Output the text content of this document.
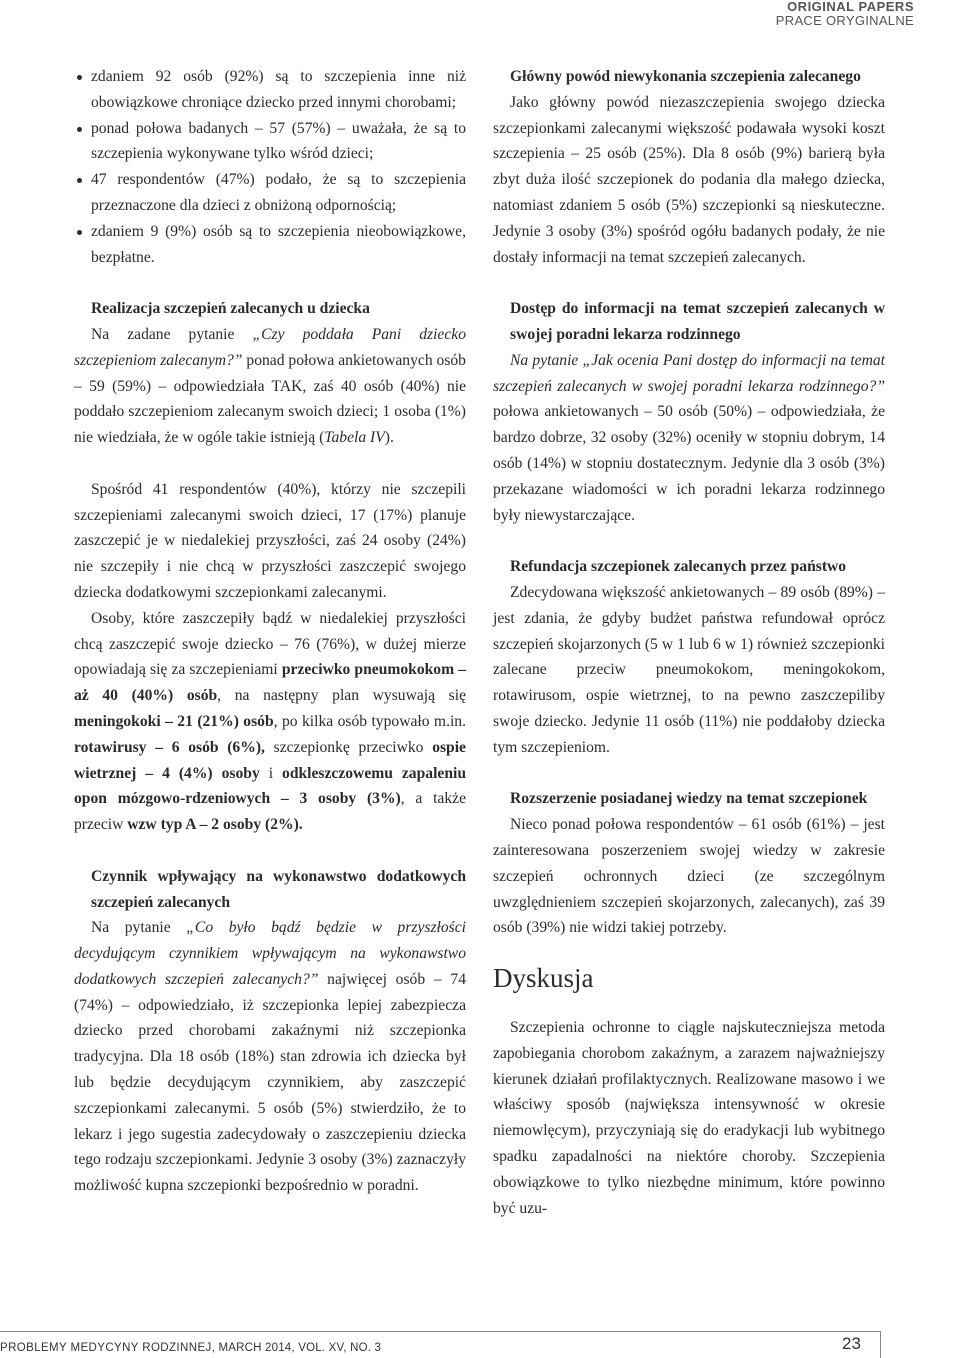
ORIGINAL PAPERS
PRACE ORYGINALNE
zdaniem 92 osób (92%) są to szczepienia inne niż obowiązkowe chroniące dziecko przed innymi chorobami;
ponad połowa badanych – 57 (57%) – uważała, że są to szczepienia wykonywane tylko wśród dzieci;
47 respondentów (47%) podało, że są to szczepienia przeznaczone dla dzieci z obniżoną odpornością;
zdaniem 9 (9%) osób są to szczepienia nieobowiązkowe, bezpłatne.
Realizacja szczepień zalecanych u dziecka

Na zadane pytanie „Czy poddała Pani dziecko szczepieniom zalecanym?” ponad połowa ankietowanych osób – 59 (59%) – odpowiedziała TAK, zaś 40 osób (40%) nie poddało szczepieniom zalecanym swoich dzieci; 1 osoba (1%) nie wiedziała, że w ogóle takie istnieją (Tabela IV).

Spośród 41 respondentów (40%), którzy nie szczepili szczepieniami zalecanymi swoich dzieci, 17 (17%) planuje zaszczepić je w niedalekiej przyszłości, zaś 24 osoby (24%) nie szczepiły i nie chcą w przyszłości zaszczepić swojego dziecka dodatkowymi szczepionkami zalecanymi.

Osoby, które zaszczepiły bądź w niedalekiej przyszłości chcą zaszczepić swoje dziecko – 76 (76%), w dużej mierze opowiadają się za szczepieniami przeciwko pneumokokom – aż 40 (40%) osób, na następny plan wysuwają się meningokoki – 21 (21%) osób, po kilka osób typowało m.in. rotawirusy – 6 osób (6%), szczepionkę przeciwko ospie wietrznej – 4 (4%) osoby i odkleszczowemu zapaleniu opon mózgowo-rdzeniowych – 3 osoby (3%), a także przeciw wzw typ A – 2 osoby (2%).

Czynnik wpływający na wykonawstwo dodatkowych szczepień zalecanych

Na pytanie „Co było bądź będzie w przyszłości decydującym czynnikiem wpływającym na wykonawstwo dodatkowych szczepień zalecanych?” najwięcej osób – 74 (74%) – odpowiedziało, iż szczepionka lepiej zabezpiecza dziecko przed chorobami zakaźnymi niż szczepionka tradycyjna. Dla 18 osób (18%) stan zdrowia ich dziecka był lub będzie decydującym czynnikiem, aby zaszczepić szczepionkami zalecanymi. 5 osób (5%) stwierdziło, że to lekarz i jego sugestia zadecydowały o zaszczepieniu dziecka tego rodzaju szczepionkami. Jedynie 3 osoby (3%) zaznaczyły możliwość kupna szczepionki bezpośrednio w poradni.

Główny powód niewykonania szczepienia zalecanego

Jako główny powód niezaszczepienia swojego dziecka szczepionkami zalecanymi większość podawała wysoki koszt szczepienia – 25 osób (25%). Dla 8 osób (9%) barierą była zbyt duża ilość szczepionek do podania dla małego dziecka, natomiast zdaniem 5 osób (5%) szczepionki są nieskuteczne. Jedynie 3 osoby (3%) spośród ogółu badanych podały, że nie dostały informacji na temat szczepień zalecanych.

Dostęp do informacji na temat szczepień zalecanych w swojej poradni lekarza rodzinnego

Na pytanie „Jak ocenia Pani dostęp do informacji na temat szczepień zalecanych w swojej poradni lekarza rodzinnego?” połowa ankietowanych – 50 osób (50%) – odpowiedziała, że bardzo dobrze, 32 osoby (32%) oceniły w stopniu dobrym, 14 osób (14%) w stopniu dostatecznym. Jedynie dla 3 osób (3%) przekazane wiadomości w ich poradni lekarza rodzinnego były niewystarczające.

Refundacja szczepionek zalecanych przez państwo

Zdecydowana większość ankietowanych – 89 osób (89%) – jest zdania, że gdyby budżet państwa refundował oprócz szczepień skojarzonych (5 w 1 lub 6 w 1) również szczepionki zalecane przeciw pneumokokom, meningokokom, rotawirusom, ospie wietrznej, to na pewno zaszczepiliby swoje dziecko. Jedynie 11 osób (11%) nie poddałoby dziecka tym szczepieniom.

Rozszerzenie posiadanej wiedzy na temat szczepionek

Nieco ponad połowa respondentów – 61 osób (61%) – jest zainteresowana poszerzeniem swojej wiedzy w zakresie szczepień ochronnych dzieci (ze szczególnym uwzględnieniem szczepień skojarzonych, zalecanych), zaś 39 osób (39%) nie widzi takiej potrzeby.

Dyskusja

Szczepienia ochronne to ciągle najskuteczniejsza metoda zapobiegania chorobom zakaźnym, a zarazem najważniejszy kierunek działań profilaktycznych. Realizowane masowo i we właściwy sposób (największa intensywność w okresie niemowlęcym), przyczyniają się do eradykacji lub wybitnego spadku zapadalności na niektóre choroby. Szczepienia obowiązkowe to tylko niezbędne minimum, które powinno być uzu-

PROBLEMY MEDYCYNY RODZINNEJ, MARCH 2014, VOL. XV, NO. 3	23
